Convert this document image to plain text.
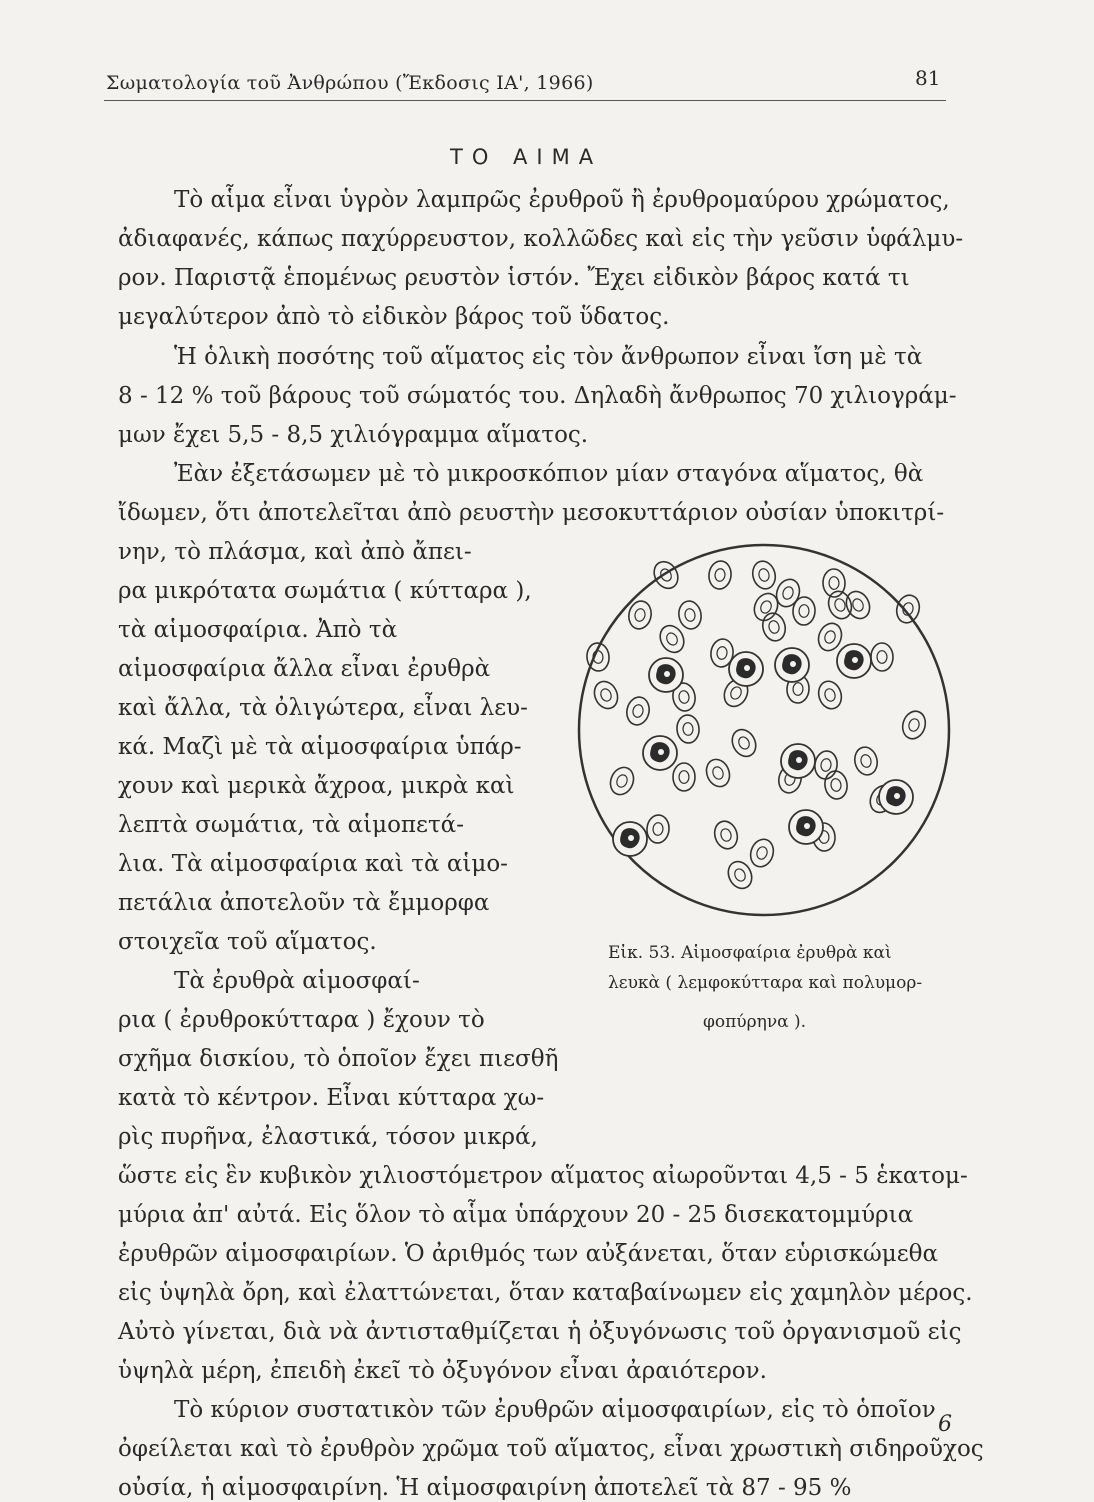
Σωματολογία τοῦ Ἀνθρώπου (Ἔκδοσις ΙΑ', 1966)	81
ΤΟ ΑΙΜΑ
Τὸ αἷμα εἶναι ὑγρὸν λαμπρῶς ἐρυθροῦ ἢ ἐρυθρομαύρου χρώματος,
ἀδιαφανές, κάπως παχύρρευστον, κολλῶδες καὶ εἰς τὴν γεῦσιν ὑφάλμυ-
ρον. Παριστᾷ ἑπομένως ρευστὸν ἱστόν. Ἔχει εἰδικὸν βάρος κατά τι
μεγαλύτερον ἀπὸ τὸ εἰδικὸν βάρος τοῦ ὕδατος.
Ἡ ὁλικὴ ποσότης τοῦ αἵματος εἰς τὸν ἄνθρωπον εἶναι ἴση μὲ τὰ
8 - 12 % τοῦ βάρους τοῦ σώματός του. Δηλαδὴ ἄνθρωπος 70 χιλιογράμ-
μων ἔχει 5,5 - 8,5 χιλιόγραμμα αἵματος.
Ἐὰν ἐξετάσωμεν μὲ τὸ μικροσκόπιον μίαν σταγόνα αἵματος, θὰ
ἴδωμεν, ὅτι ἀποτελεῖται ἀπὸ ρευστὴν μεσοκυττάριον οὐσίαν ὑποκιτρί-
νην, τὸ πλάσμα, καὶ ἀπὸ ἄπει-
ρα μικρότατα σωμάτια ( κύτταρα ),
τὰ αἱμοσφαίρια. Ἀπὸ τὰ
αἱμοσφαίρια ἄλλα εἶναι ἐρυθρὰ
καὶ ἄλλα, τὰ ὀλιγώτερα, εἶναι λευ-
κά. Μαζὶ μὲ τὰ αἱμοσφαίρια ὑπάρ-
χουν καὶ μερικὰ ἄχροα, μικρὰ καὶ
λεπτὰ σωμάτια, τὰ αἱμοπετά-
λια. Τὰ αἱμοσφαίρια καὶ τὰ αἱμο-
πετάλια ἀποτελοῦν τὰ ἔμμορφα
στοιχεῖα τοῦ αἵματος.
Τὰ ἐρυθρὰ αἱμοσφαί-
ρια ( ἐρυθροκύτταρα ) ἔχουν τὸ
σχῆμα δισκίου, τὸ ὁποῖον ἔχει πιεσθῆ
κατὰ τὸ κέντρον. Εἶναι κύτταρα χω-
ρὶς πυρῆνα, ἐλαστικά, τόσον μικρά,
ὥστε εἰς ἓν κυβικὸν χιλιοστόμετρον αἵματος αἰωροῦνται 4,5 - 5 ἑκατομ-
μύρια ἀπ' αὐτά. Εἰς ὅλον τὸ αἷμα ὑπάρχουν 20 - 25 δισεκατομμύρια
ἐρυθρῶν αἱμοσφαιρίων. Ὁ ἀριθμός των αὐξάνεται, ὅταν εὑρισκώμεθα
εἰς ὑψηλὰ ὄρη, καὶ ἐλαττώνεται, ὅταν καταβαίνωμεν εἰς χαμηλὸν μέρος.
Αὐτὸ γίνεται, διὰ νὰ ἀντισταθμίζεται ἡ ὀξυγόνωσις τοῦ ὀργανισμοῦ εἰς
ὑψηλὰ μέρη, ἐπειδὴ ἐκεῖ τὸ ὀξυγόνον εἶναι ἀραιότερον.
Τὸ κύριον συστατικὸν τῶν ἐρυθρῶν αἱμοσφαιρίων, εἰς τὸ ὁποῖον
ὀφείλεται καὶ τὸ ἐρυθρὸν χρῶμα τοῦ αἵματος, εἶναι χρωστικὴ σιδηροῦχος
οὐσία, ἡ αἱμοσφαιρίνη. Ἡ αἱμοσφαιρίνη ἀποτελεῖ τὰ 87 - 95 %
Εἰκ. 53. Αἱμοσφαίρια ἐρυθρὰ καὶ
λευκὰ ( λεμφοκύτταρα καὶ πολυμορ-
φοπύρηνα ).
6
